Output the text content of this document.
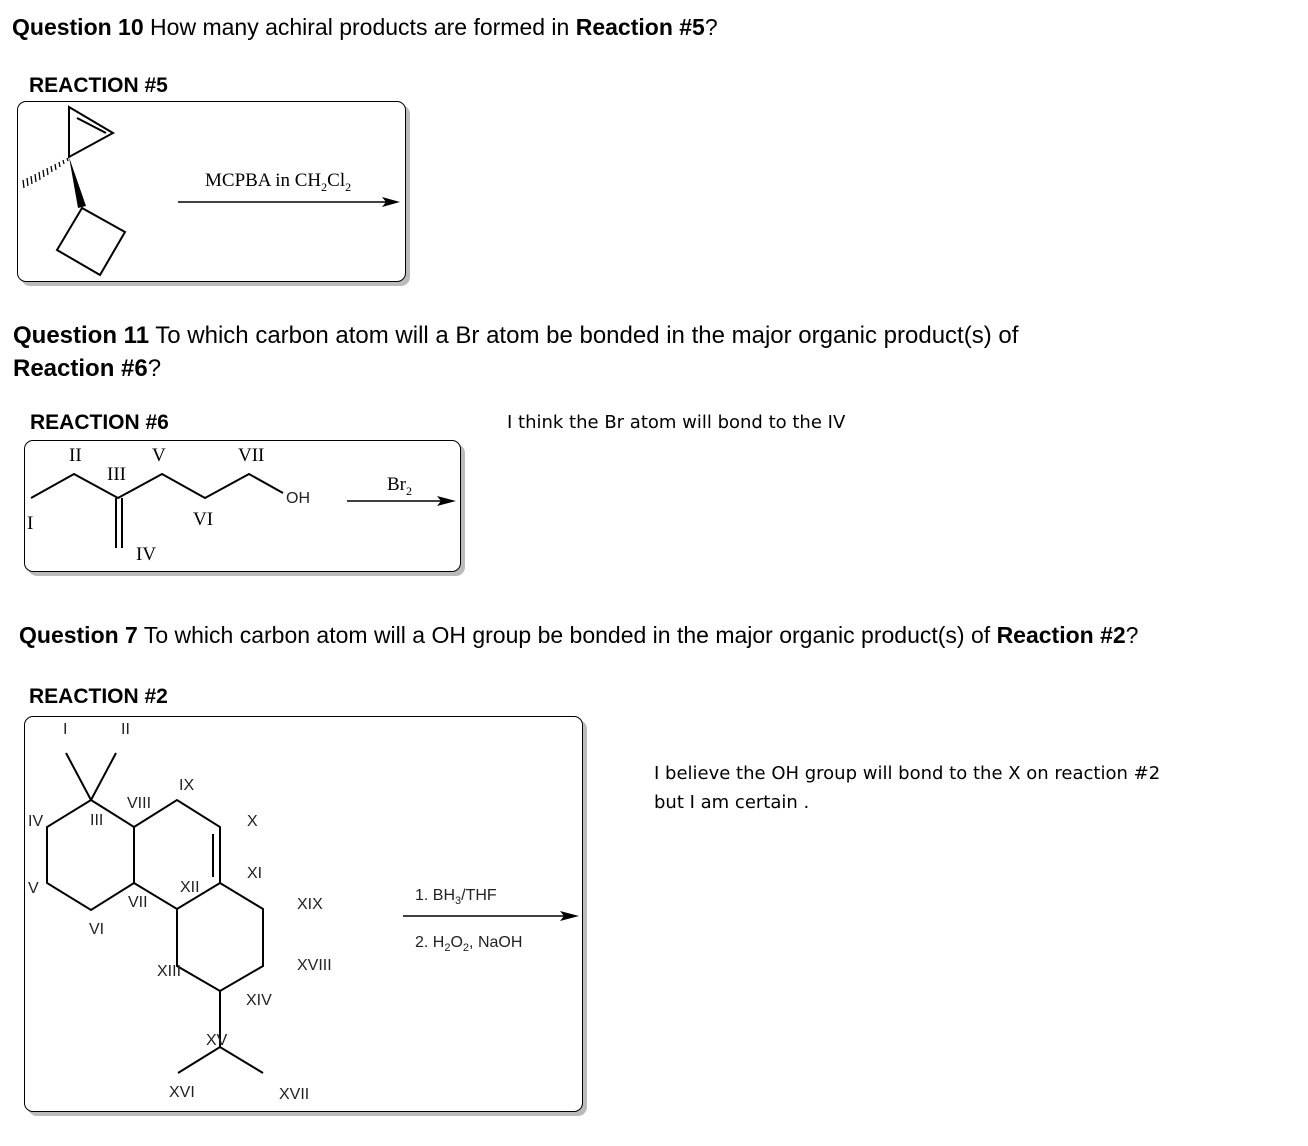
Question 10 How many achiral products are formed in Reaction #5?
REACTION #5
MCPBA in $CH_2Cl_2$
Question 11 To which carbon atom will a Br atom be bonded in the major organic product(s) of
Reaction #6?
REACTION #6	I think the Br atom will bond to the IV
Question 7 To which carbon atom will a OH group be bonded in the major organic product(s) of Reaction #2?
REACTION #2
I believe the OH group will bond to the X on reaction #2 but I am certain .
II
III
V	VII
I	VI
IV
OH
$Br_2$
I	II
III
IV
V
VI
VII
VIII
IX
X
XI
XII
XIII
XIV
XV
XVI	XVII
XVIII
XIX
1. $BH_3$/THF
2. $H_2O_2$, NaOH
